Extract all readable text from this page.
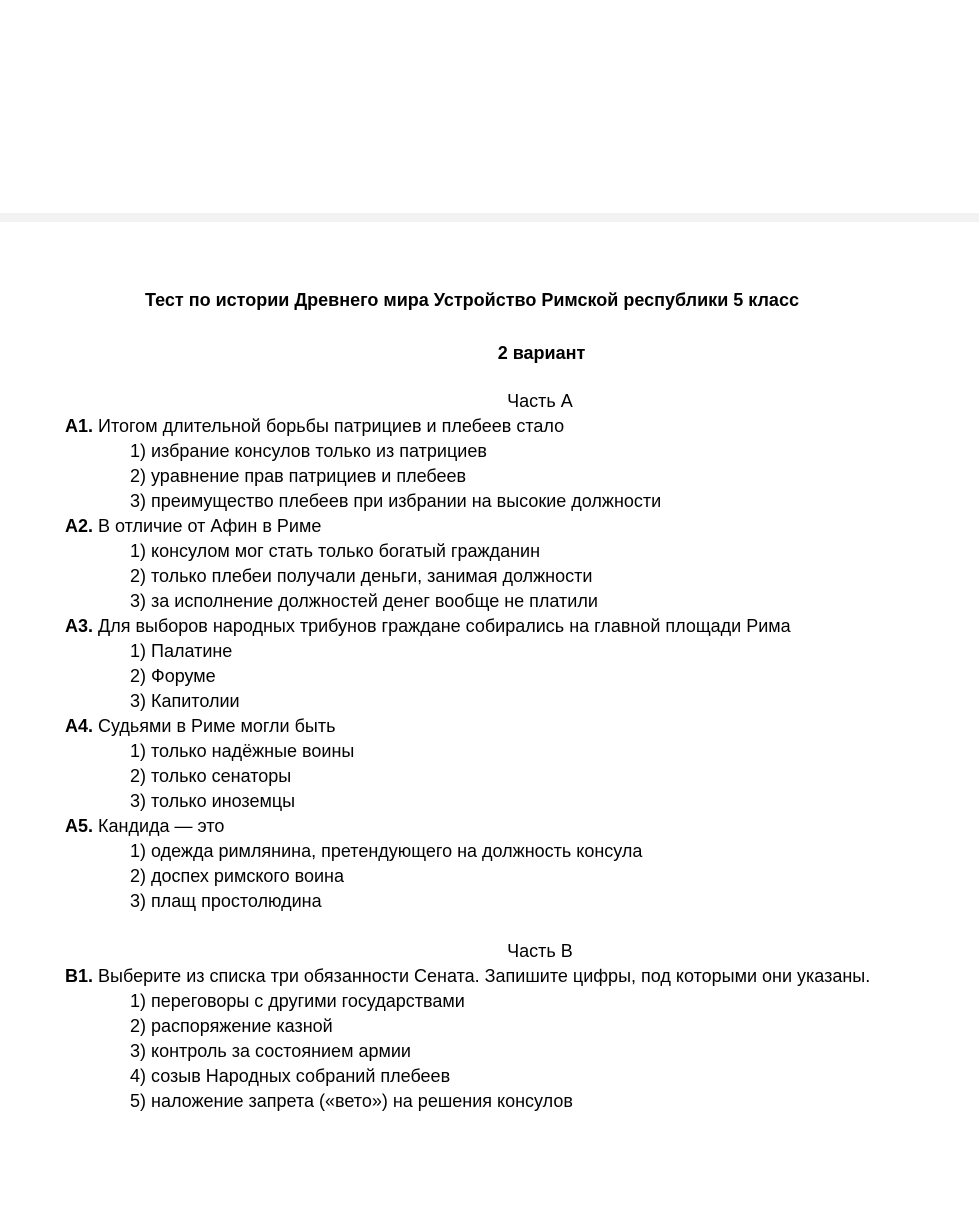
Тест по истории Древнего мира Устройство Римской республики 5 класс
2 вариант
Часть А
А1. Итогом длительной борьбы патрициев и плебеев стало
1) избрание консулов только из патрициев
2) уравнение прав патрициев и плебеев
3) преимущество плебеев при избрании на высокие должности
А2. В отличие от Афин в Риме
1) консулом мог стать только богатый гражданин
2) только плебеи получали деньги, занимая должности
3) за исполнение должностей денег вообще не платили
А3. Для выборов народных трибунов граждане собирались на главной площади Рима
1) Палатине
2) Форуме
3) Капитолии
А4. Судьями в Риме могли быть
1) только надёжные воины
2) только сенаторы
3) только иноземцы
А5. Кандида — это
1) одежда римлянина, претендующего на должность консула
2) доспех римского воина
3) плащ простолюдина
Часть В
В1. Выберите из списка три обязанности Сената. Запишите цифры, под которыми они указаны.
1) переговоры с другими государствами
2) распоряжение казной
3) контроль за состоянием армии
4) созыв Народных собраний плебеев
5) наложение запрета («вето») на решения консулов
